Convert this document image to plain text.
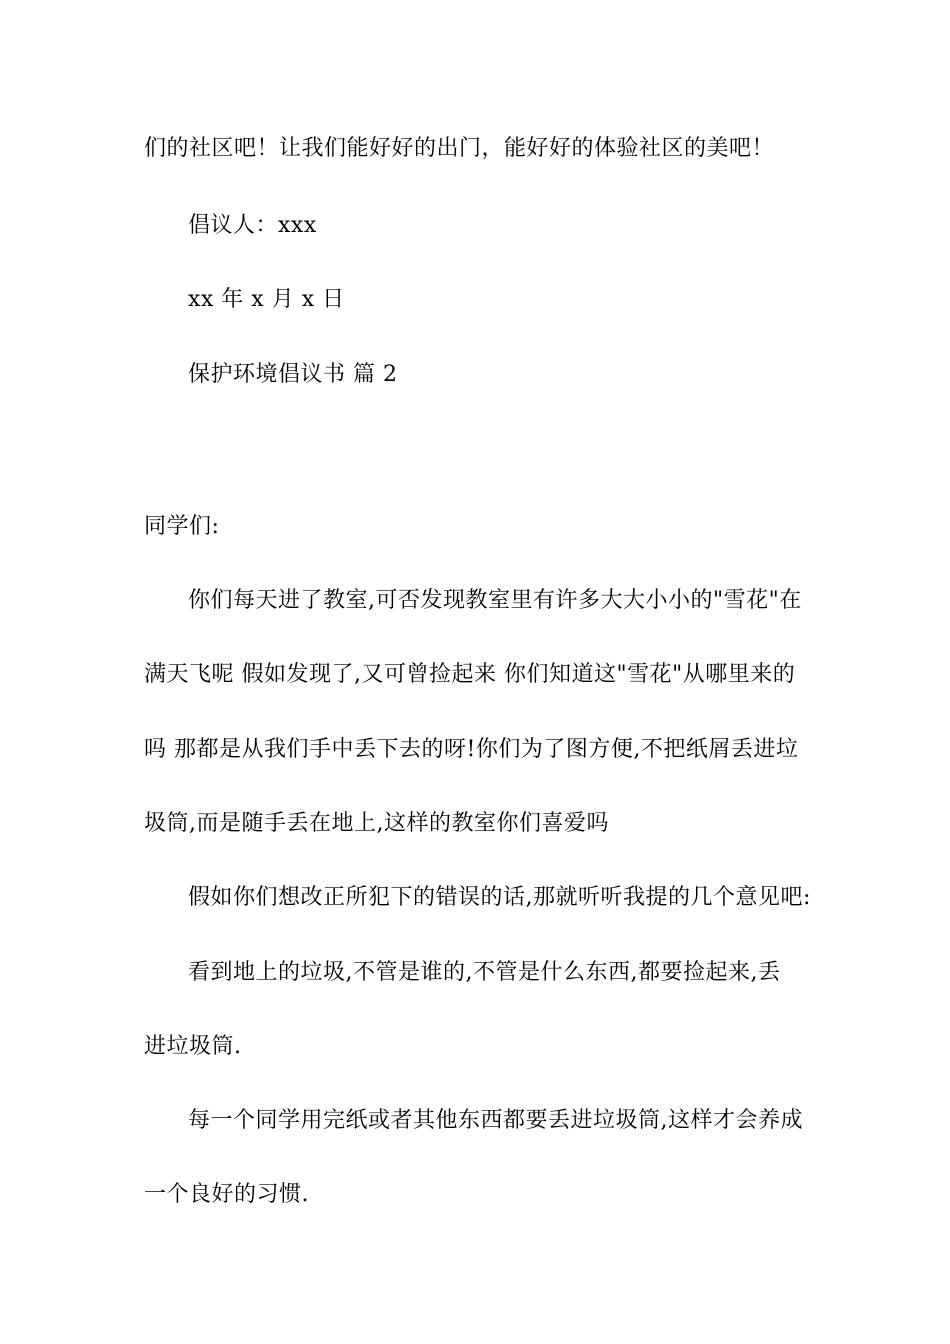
们的社区吧！让我们能好好的出门，能好好的体验社区的美吧！
倡议人：xxx
xx 年 x 月 x 日
保护环境倡议书 篇 2
同学们:
你们每天进了教室,可否发现教室里有许多大大小小的"雪花"在
满天飞呢 假如发现了,又可曾捡起来 你们知道这"雪花"从哪里来的
吗 那都是从我们手中丢下去的呀!你们为了图方便,不把纸屑丢进垃
圾筒,而是随手丢在地上,这样的教室你们喜爱吗
假如你们想改正所犯下的错误的话,那就听听我提的几个意见吧:
看到地上的垃圾,不管是谁的,不管是什么东西,都要捡起来,丢
进垃圾筒.
每一个同学用完纸或者其他东西都要丢进垃圾筒,这样才会养成
一个良好的习惯.
